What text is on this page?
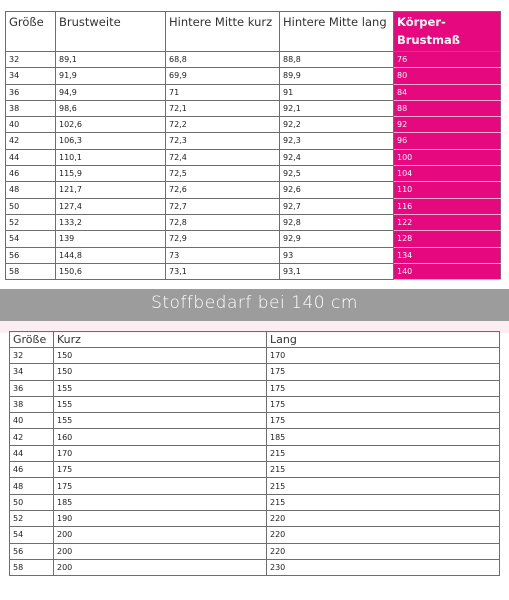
Größe	Brustweite	Hintere Mitte kurz	Hintere Mitte lang	Körper-Brustmaß
32	89,1	68,8	88,8	76
34	91,9	69,9	89,9	80
36	94,9	71	91	84
38	98,6	72,1	92,1	88
40	102,6	72,2	92,2	92
42	106,3	72,3	92,3	96
44	110,1	72,4	92,4	100
46	115,9	72,5	92,5	104
48	121,7	72,6	92,6	110
50	127,4	72,7	92,7	116
52	133,2	72,8	92,8	122
54	139	72,9	92,9	128
56	144,8	73	93	134
58	150,6	73,1	93,1	140
Stoffbedarf bei 140 cm
Größe	Kurz	Lang
32	150	170
34	150	175
36	155	175
38	155	175
40	155	175
42	160	185
44	170	215
46	175	215
48	175	215
50	185	215
52	190	220
54	200	220
56	200	220
58	200	230
